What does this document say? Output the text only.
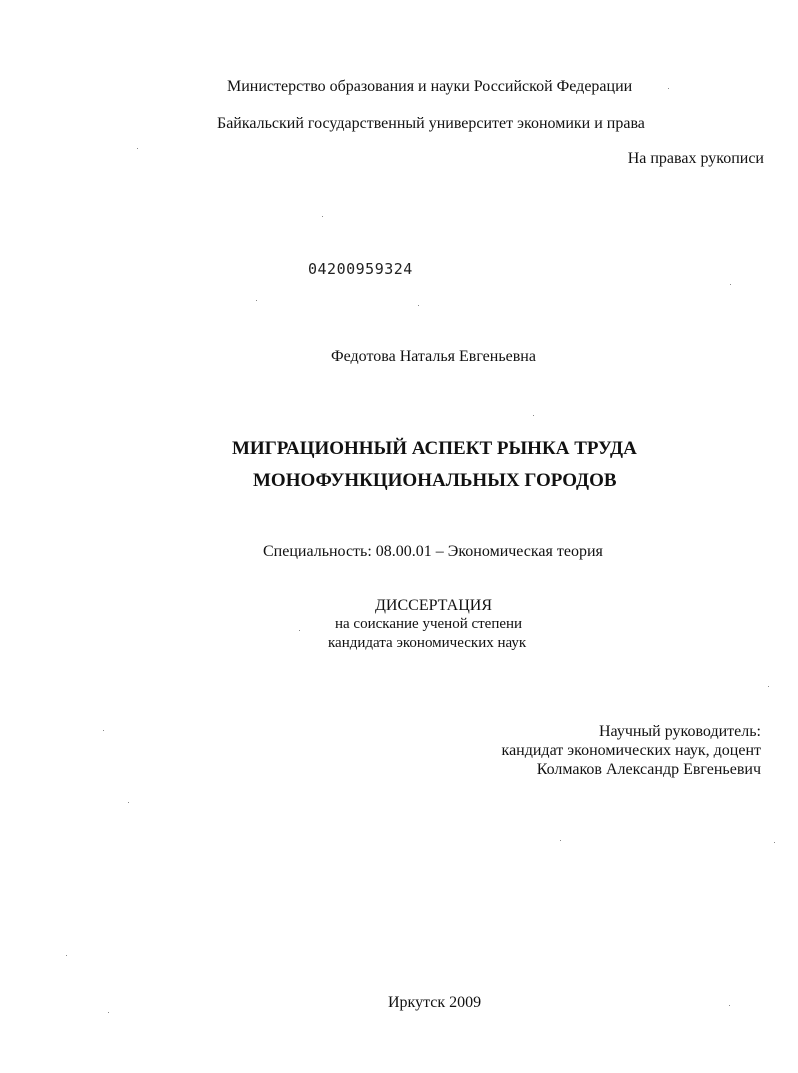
Министерство образования и науки Российской Федерации
Байкальский государственный университет экономики и права
На правах рукописи
04200959324
Федотова Наталья Евгеньевна
МИГРАЦИОННЫЙ АСПЕКТ РЫНКА ТРУДА
МОНОФУНКЦИОНАЛЬНЫХ ГОРОДОВ
Специальность: 08.00.01 – Экономическая теория
ДИССЕРТАЦИЯ
на соискание ученой степени
кандидата экономических наук
Научный руководитель:
кандидат экономических наук, доцент
Колмаков Александр Евгеньевич
Иркутск 2009
